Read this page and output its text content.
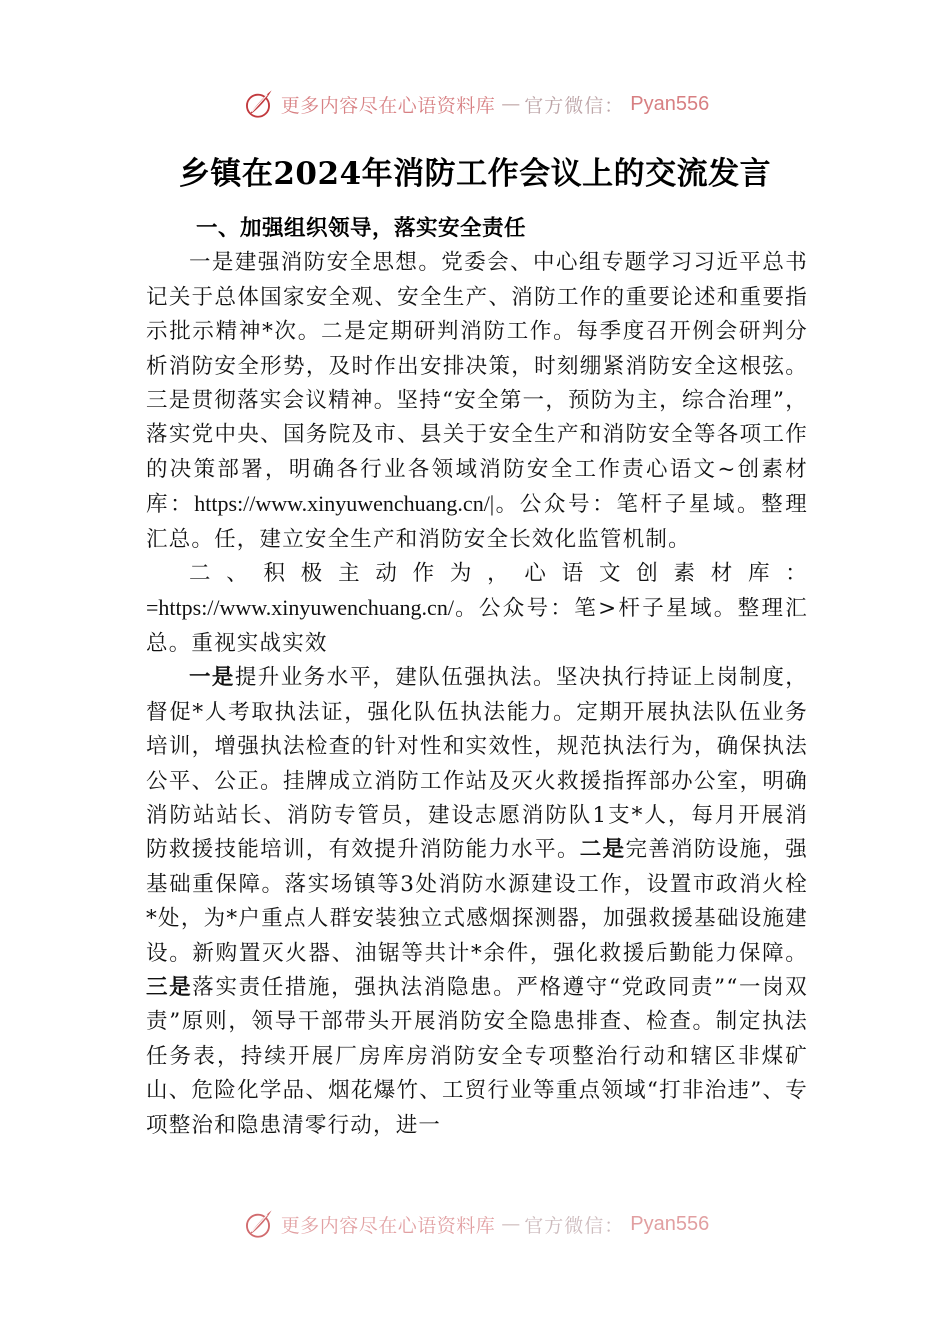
更多内容尽在心语资料库 — 官方微信： Pyan556
乡镇在2024年消防工作会议上的交流发言
一、加强组织领导，落实安全责任

一是建强消防安全思想。党委会、中心组专题学习习近平总书记关于总体国家安全观、安全生产、消防工作的重要论述和重要指示批示精神*次。二是定期研判消防工作。每季度召开例会研判分析消防安全形势，及时作出安排决策，时刻绷紧消防安全这根弦。三是贯彻落实会议精神。坚持“安全第一，预防为主，综合治理”，落实党中央、国务院及市、县关于安全生产和消防安全等各项工作的决策部署，明确各行业各领域消防安全工作责心语文~创素材库：https://www.xinyuwenchuang.cn/|。公众号：笔杆子星域。整理汇总。任，建立安全生产和消防安全长效化监管机制。

二、积极主动作为，心语文创素材库：=https://www.xinyuwenchuang.cn/。公众号：笔>杆子星域。整理汇总。重视实战实效

一是提升业务水平，建队伍强执法。坚决执行持证上岗制度，督促*人考取执法证，强化队伍执法能力。定期开展执法队伍业务培训，增强执法检查的针对性和实效性，规范执法行为，确保执法公平、公正。挂牌成立消防工作站及灭火救援指挥部办公室，明确消防站站长、消防专管员，建设志愿消防队1支*人，每月开展消防救援技能培训，有效提升消防能力水平。二是完善消防设施，强基础重保障。落实场镇等3处消防水源建设工作，设置市政消火栓*处，为*户重点人群安装独立式感烟探测器，加强救援基础设施建设。新购置灭火器、油锯等共计*余件，强化救援后勤能力保障。三是落实责任措施，强执法消隐患。严格遵守“党政同责”“一岗双责”原则，领导干部带头开展消防安全隐患排查、检查。制定执法任务表，持续开展厂房库房消防安全专项整治行动和辖区非煤矿山、危险化学品、烟花爆竹、工贸行业等重点领域“打非治违”、专项整治和隐患清零行动，进一

更多内容尽在心语资料库 — 官方微信： Pyan556
